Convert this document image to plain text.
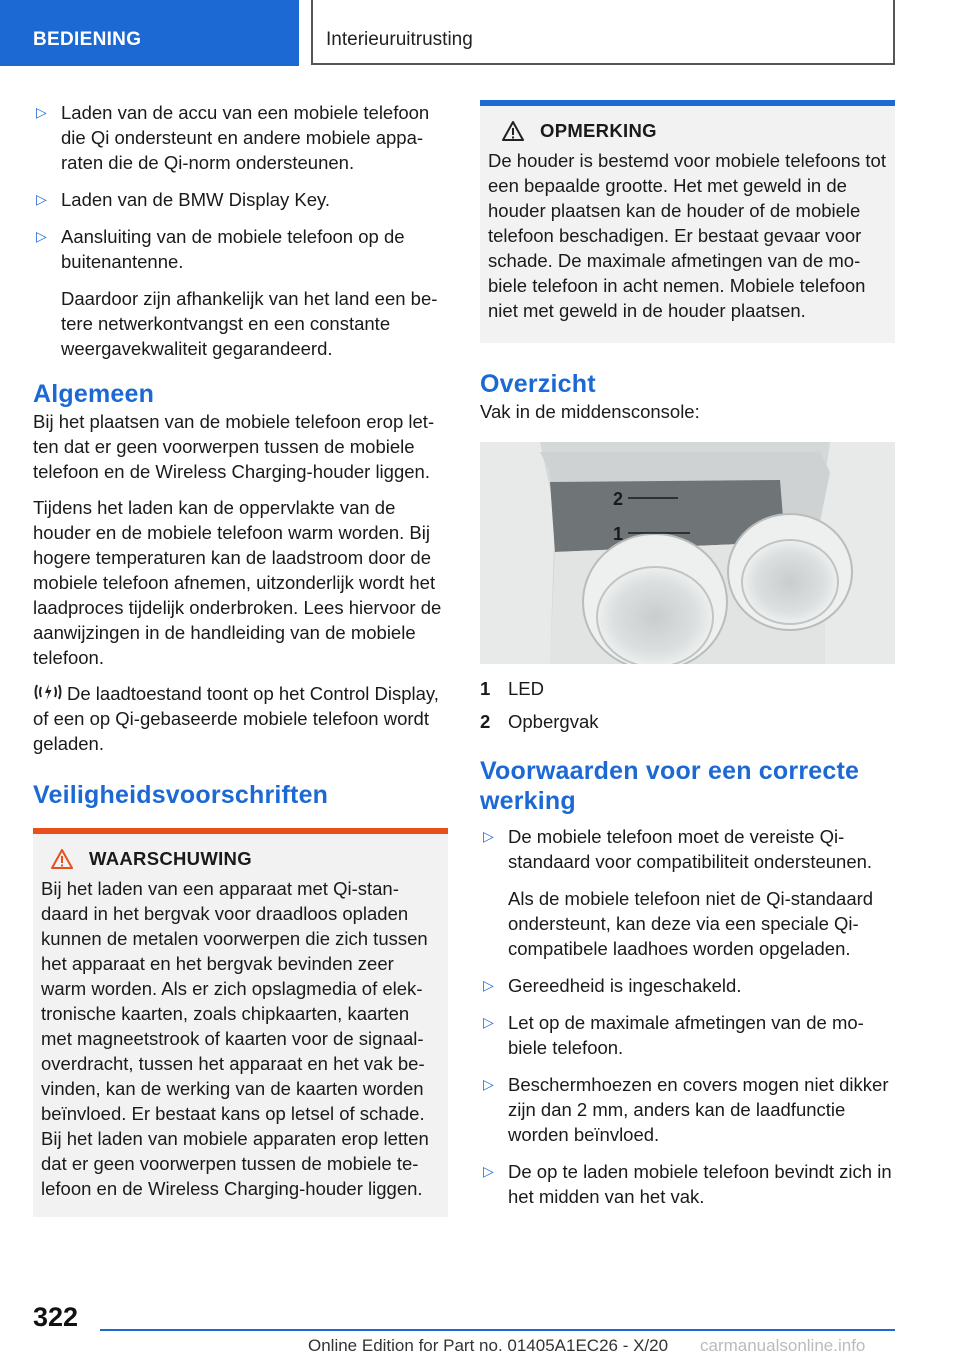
BEDIENING	Interieuruitrusting
▷ Laden van de accu van een mobiele telefoon die Qi ondersteunt en andere mobiele apparaten die de Qi-norm ondersteunen.

▷ Laden van de BMW Display Key.

▷ Aansluiting van de mobiele telefoon op de buitenantenne.

Daardoor zijn afhankelijk van het land een betere netwerkontvangst en een constante weergavekwaliteit gegarandeerd.

Algemeen

Bij het plaatsen van de mobiele telefoon erop letten dat er geen voorwerpen tussen de mobiele telefoon en de Wireless Charging-houder liggen.

Tijdens het laden kan de oppervlakte van de houder en de mobiele telefoon warm worden. Bij hogere temperaturen kan de laadstroom door de mobiele telefoon afnemen, uitzonderlijk wordt het laadproces tijdelijk onderbroken. Lees hiervoor de aanwijzingen in de handleiding van de mobiele telefoon.

De laadtoestand toont op het Control Display, of een op Qi-gebaseerde mobiele telefoon wordt geladen.

Veiligheidsvoorschriften
WAARSCHUWING

Bij het laden van een apparaat met Qi-standaard in het bergvak voor draadloos opladen kunnen de metalen voorwerpen die zich tussen het apparaat en het bergvak bevinden zeer warm worden. Als er zich opslagmedia of elektronische kaarten, zoals chipkaarten, kaarten met magneetstrook of kaarten voor de signaaloverdracht, tussen het apparaat en het vak bevinden, kan de werking van de kaarten worden beïnvloed. Er bestaat kans op letsel of schade. Bij het laden van mobiele apparaten erop letten dat er geen voorwerpen tussen de mobiele telefoon en de Wireless Charging-houder liggen.

OPMERKING

De houder is bestemd voor mobiele telefoons tot een bepaalde grootte. Het met geweld in de houder plaatsen kan de houder of de mobiele telefoon beschadigen. Er bestaat gevaar voor schade. De maximale afmetingen van de mobiele telefoon in acht nemen. Mobiele telefoon niet met geweld in de houder plaatsen.

Overzicht

Vak in de middensconsole:

2
1
1 LED
2 Opbergvak
Voorwaarden voor een correcte werking
▷ De mobiele telefoon moet de vereiste Qi-standaard voor compatibiliteit ondersteunen.

Als de mobiele telefoon niet de Qi-standaard ondersteunt, kan deze via een speciale Qi-compatibele laadhoes worden opgeladen.

▷ Gereedheid is ingeschakeld.

▷ Let op de maximale afmetingen van de mobiele telefoon.

▷ Beschermhoezen en covers mogen niet dikker zijn dan 2 mm, anders kan de laadfunctie worden beïnvloed.

▷ De op te laden mobiele telefoon bevindt zich in het midden van het vak.

322
Online Edition for Part no. 01405A1EC26 - X/20 carmanualsonline.info
